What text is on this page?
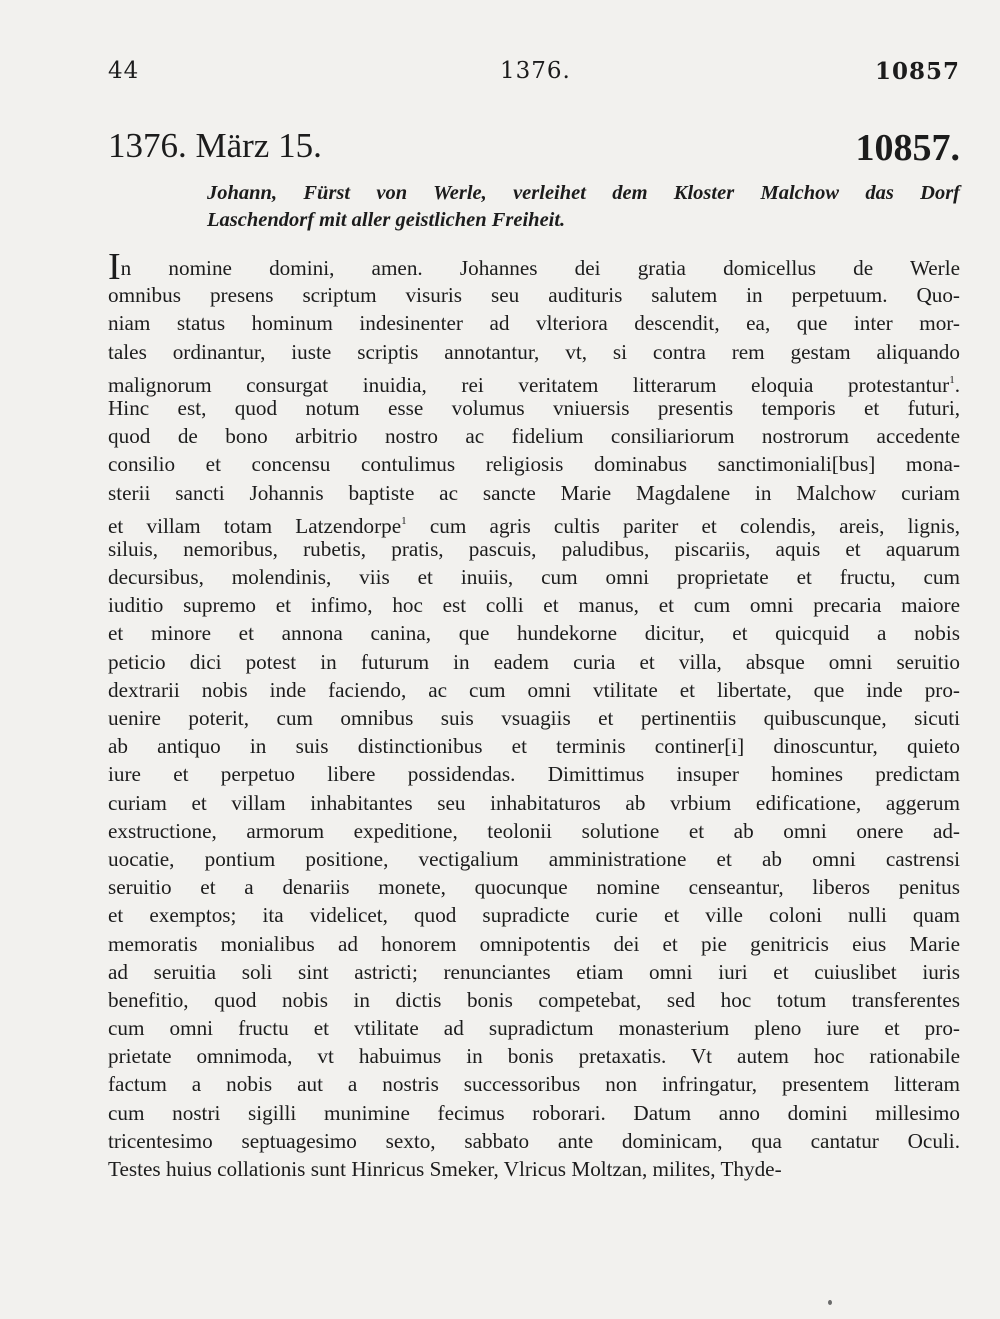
44	1376.	10857
1376. März 15.	10857.
Johann, Fürst von Werle, verleihet dem Kloster Malchow das Dorf
Laschendorf mit aller geistlichen Freiheit.
In nomine domini, amen. Johannes dei gratia domicellus de Werle
omnibus presens scriptum visuris seu audituris salutem in perpetuum. Quo-
niam status hominum indesinenter ad vlteriora descendit, ea, que inter mor-
tales ordinantur, iuste scriptis annotantur, vt, si contra rem gestam aliquando
malignorum consurgat inuidia, rei veritatem litterarum eloquia protestantur$^1$.
Hinc est, quod notum esse volumus vniuersis presentis temporis et futuri,
quod de bono arbitrio nostro ac fidelium consiliariorum nostrorum accedente
consilio et concensu contulimus religiosis dominabus sanctimoniali[bus] mona-
sterii sancti Johannis baptiste ac sancte Marie Magdalene in Malchow curiam
et villam totam Latzendorpe$^1$ cum agris cultis pariter et colendis, areis, lignis,
siluis, nemoribus, rubetis, pratis, pascuis, paludibus, piscariis, aquis et aquarum
decursibus, molendinis, viis et inuiis, cum omni proprietate et fructu, cum
iuditio supremo et infimo, hoc est colli et manus, et cum omni precaria maiore
et minore et annona canina, que hundekorne dicitur, et quicquid a nobis
peticio dici potest in futurum in eadem curia et villa, absque omni seruitio
dextrarii nobis inde faciendo, ac cum omni vtilitate et libertate, que inde pro-
uenire poterit, cum omnibus suis vsuagiis et pertinentiis quibuscunque, sicuti
ab antiquo in suis distinctionibus et terminis continer[i] dinoscuntur, quieto
iure et perpetuo libere possidendas. Dimittimus insuper homines predictam
curiam et villam inhabitantes seu inhabitaturos ab vrbium edificatione, aggerum
exstructione, armorum expeditione, teolonii solutione et ab omni onere ad-
uocatie, pontium positione, vectigalium amministratione et ab omni castrensi
seruitio et a denariis monete, quocunque nomine censeantur, liberos penitus
et exemptos; ita videlicet, quod supradicte curie et ville coloni nulli quam
memoratis monialibus ad honorem omnipotentis dei et pie genitricis eius Marie
ad seruitia soli sint astricti; renunciantes etiam omni iuri et cuiuslibet iuris
benefitio, quod nobis in dictis bonis competebat, sed hoc totum transferentes
cum omni fructu et vtilitate ad supradictum monasterium pleno iure et pro-
prietate omnimoda, vt habuimus in bonis pretaxatis. Vt autem hoc rationabile
factum a nobis aut a nostris successoribus non infringatur, presentem litteram
cum nostri sigilli munimine fecimus roborari. Datum anno domini millesimo
tricentesimo septuagesimo sexto, sabbato ante dominicam, qua cantatur Oculi.
Testes huius collationis sunt Hinricus Smeker, Vlricus Moltzan, milites, Thyde-
